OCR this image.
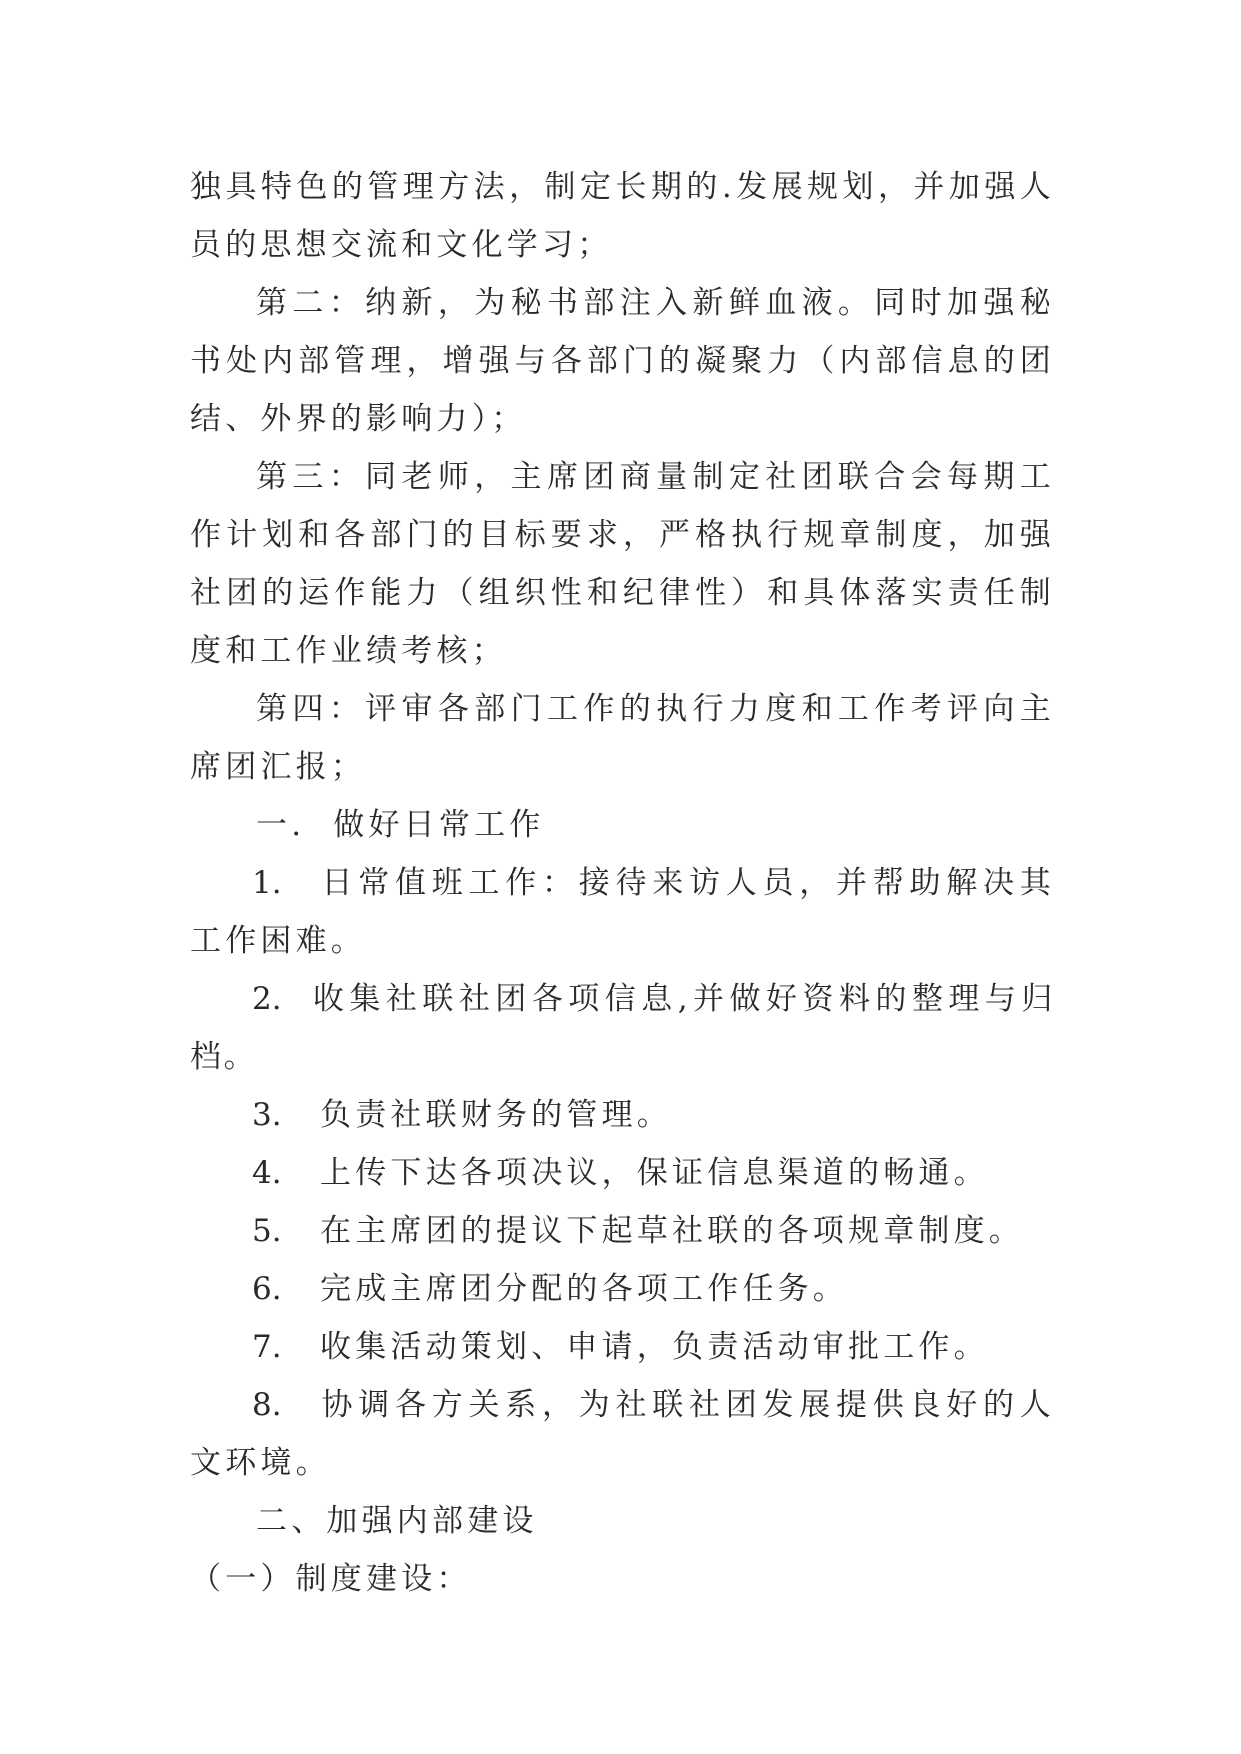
独具特色的管理方法，制定长期的.发展规划，并加强人员的思想交流和文化学习；

第二：纳新，为秘书部注入新鲜血液。同时加强秘书处内部管理，增强与各部门的凝聚力（内部信息的团结、外界的影响力）；

第三：同老师，主席团商量制定社团联合会每期工作计划和各部门的目标要求，严格执行规章制度，加强社团的运作能力（组织性和纪律性）和具体落实责任制度和工作业绩考核；

第四：评审各部门工作的执行力度和工作考评向主席团汇报；

一. 做好日常工作

1. 日常值班工作：接待来访人员，并帮助解决其工作困难。

2. 收集社联社团各项信息,并做好资料的整理与归档。

3. 负责社联财务的管理。

4. 上传下达各项决议，保证信息渠道的畅通。

5. 在主席团的提议下起草社联的各项规章制度。

6. 完成主席团分配的各项工作任务。

7. 收集活动策划、申请，负责活动审批工作。

8. 协调各方关系，为社联社团发展提供良好的人文环境。

二、加强内部建设

（一）制度建设：
